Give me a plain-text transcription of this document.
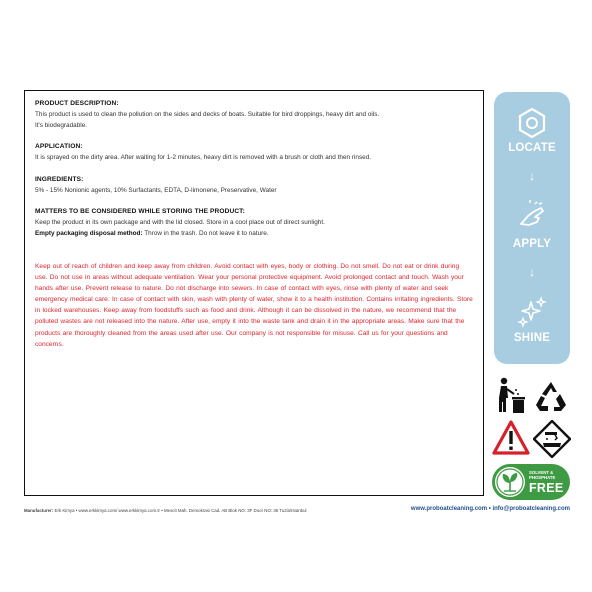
PRODUCT DESCRIPTION:

This product is used to clean the pollution on the sides and decks of boats. Suitable for bird droppings, heavy dirt and oils.

It's biodegradable.

APPLICATION:

It is sprayed on the dirty area. After waiting for 1-2 minutes, heavy dirt is removed with a brush or cloth and then rinsed.

INGREDIENTS:

5% - 15% Nonionic agents, 10% Surfactants, EDTA, D-limonene, Preservative, Water

MATTERS TO BE CONSIDERED WHILE STORING THE PRODUCT:

Keep the product in its own package and with the lid closed. Store in a cool place out of direct sunlight.

Empty packaging disposal method: Throw in the trash. Do not leave it to nature.

Keep out of reach of children and keep away from children. Avoid contact with eyes, body or clothing. Do not smell. Do not eat or drink during use. Do not use in areas without adequate ventilation. Wear your personal protective equipment. Avoid prolonged contact and touch. Wash your hands after use. Prevent release to nature. Do not discharge into sewers. In case of contact with eyes, rinse with plenty of water and seek emergency medical care. In case of contact with skin, wash with plenty of water, show it to a health institution. Contains irritating ingredients. Store in locked warehouses. Keep away from foodstuffs such as food and drink. Although it can be dissolved in the nature, we recommend that the polluted wastes are not released into the nature. After use, empty it into the waste tank and drain it in the appropriate areas. Make sure that the products are thoroughly cleaned from the areas used after use. Our company is not responsible for misuse. Call us for your questions and concerns.
LOCATE
↓
APPLY
↓
SHINE
SOLVENT &
PHOSPHATE
FREE
Manufacturer: Erk Kimya • www.erkkimya.com/ www.erkkimya.com.tr • Mescit Mah. Demokrasi Cad. AB Blok NO: 3F Door NO: 36 Tuzla/Istanbul	www.proboatcleaning.com • info@proboatcleaning.com
